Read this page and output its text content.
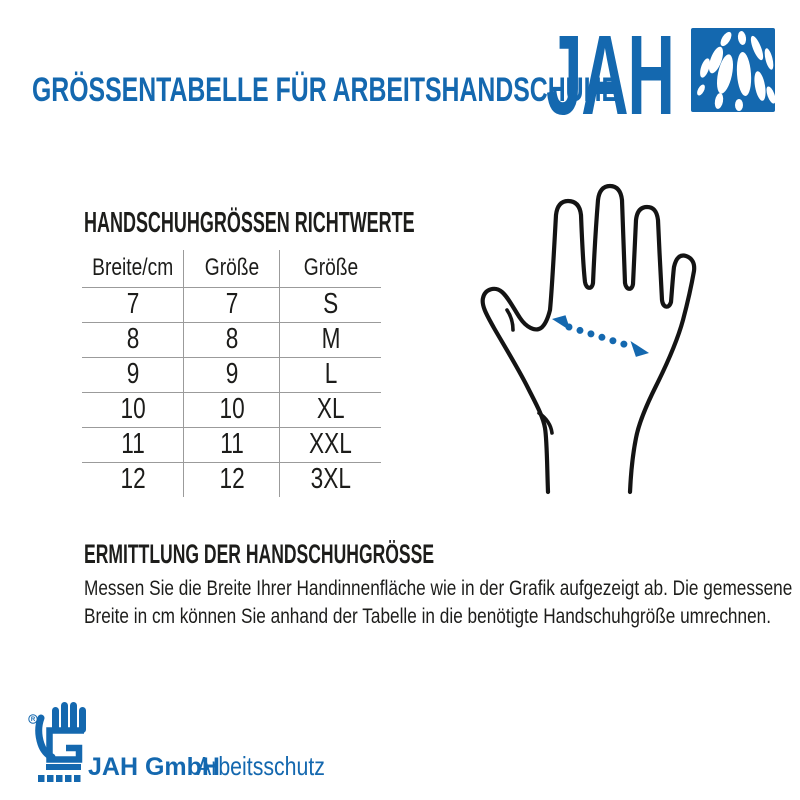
GRÖSSENTABELLE FÜR ARBEITSHANDSCHUHE
JAH
HANDSCHUHGRÖSSEN RICHTWERTE
Breite/cm	Größe	Größe
7	7	S
8	8	M
9	9	L
10	10	XL
11	11	XXL
12	12	3XL
ERMITTLUNG DER HANDSCHUHGRÖSSE
Messen Sie die Breite Ihrer Handinnenfläche wie in der Grafik aufgezeigt ab. Die gemessene
Breite in cm können Sie anhand der Tabelle in die benötigte Handschuhgröße umrechnen.
R
JAH GmbH
Arbeitsschutz
